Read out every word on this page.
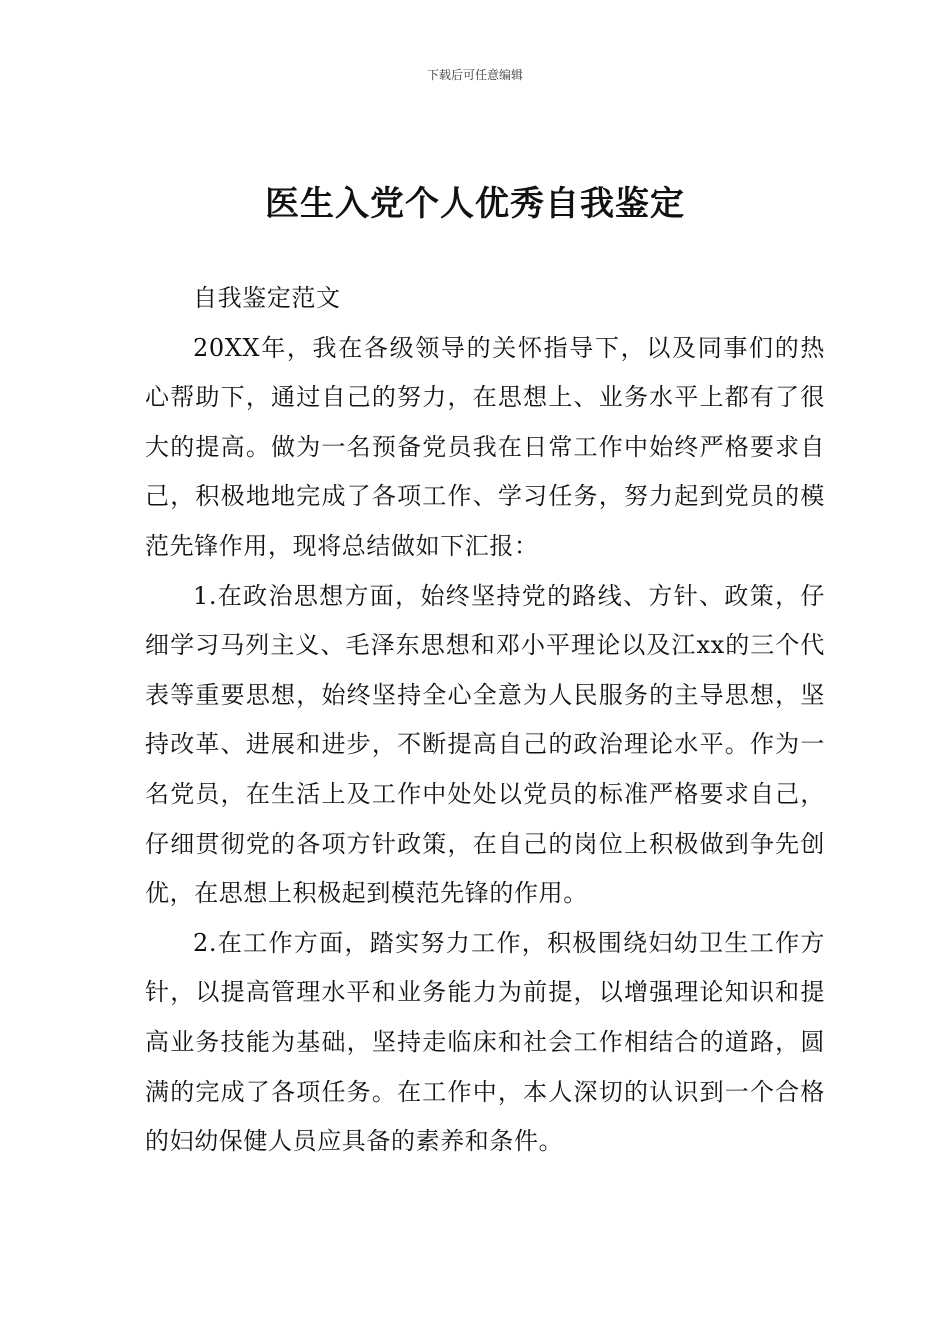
下载后可任意编辑
医生入党个人优秀自我鉴定

自我鉴定范文

20XX年，我在各级领导的关怀指导下，以及同事们的热心帮助下，通过自己的努力，在思想上、业务水平上都有了很大的提高。做为一名预备党员我在日常工作中始终严格要求自己，积极地地完成了各项工作、学习任务，努力起到党员的模范先锋作用，现将总结做如下汇报：

1.在政治思想方面，始终坚持党的路线、方针、政策，仔细学习马列主义、毛泽东思想和邓小平理论以及江xx的三个代表等重要思想，始终坚持全心全意为人民服务的主导思想，坚持改革、进展和进步，不断提高自己的政治理论水平。作为一名党员，在生活上及工作中处处以党员的标准严格要求自己，仔细贯彻党的各项方针政策，在自己的岗位上积极做到争先创优，在思想上积极起到模范先锋的作用。

2.在工作方面，踏实努力工作，积极围绕妇幼卫生工作方针，以提高管理水平和业务能力为前提，以增强理论知识和提高业务技能为基础，坚持走临床和社会工作相结合的道路，圆满的完成了各项任务。在工作中，本人深切的认识到一个合格的妇幼保健人员应具备的素养和条件。
